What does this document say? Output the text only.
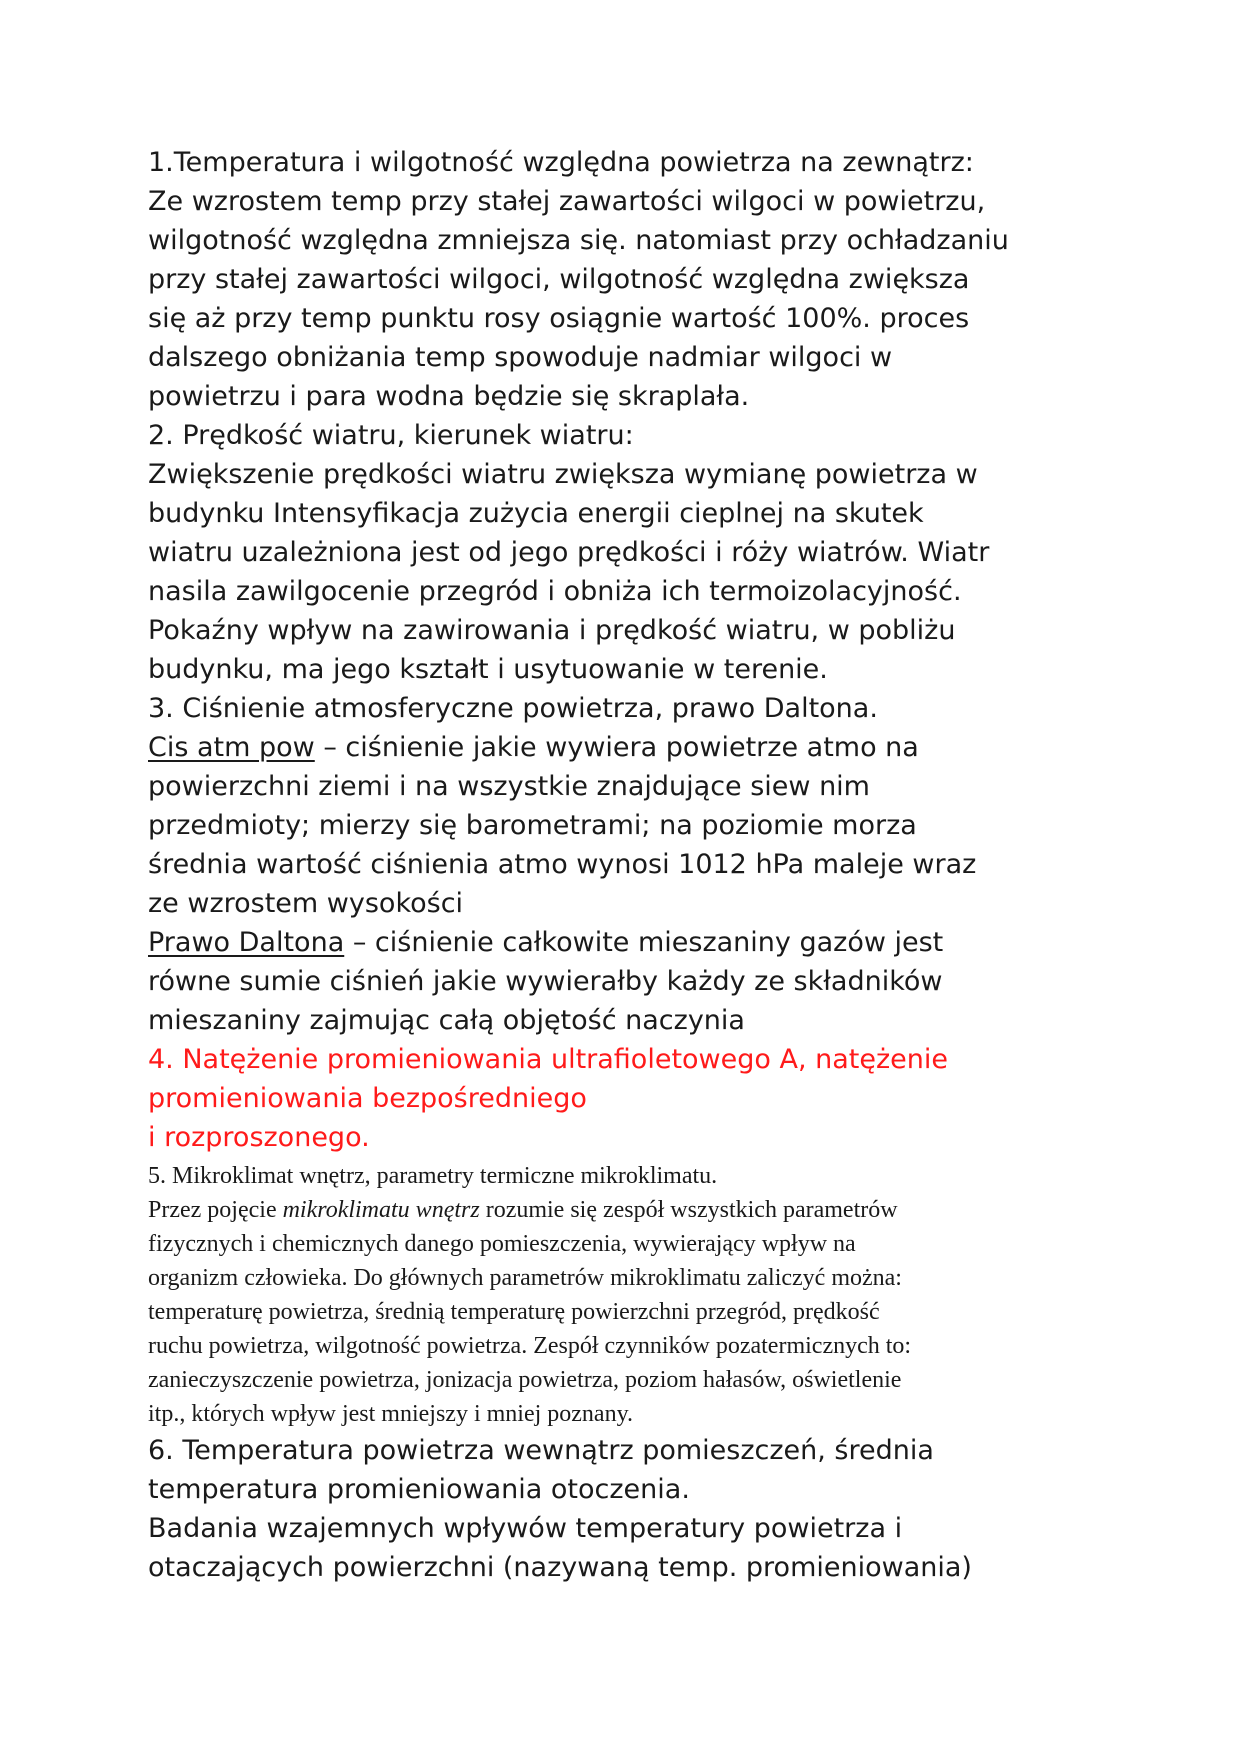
1.Temperatura i wilgotność względna powietrza na zewnątrz:

Ze wzrostem temp przy stałej zawartości wilgoci w powietrzu,

wilgotność względna zmniejsza się. natomiast przy ochładzaniu

przy stałej zawartości wilgoci, wilgotność względna zwiększa

się aż przy temp punktu rosy osiągnie wartość 100%. proces

dalszego obniżania temp spowoduje nadmiar wilgoci w

powietrzu i para wodna będzie się skraplała.

2. Prędkość wiatru, kierunek wiatru:

Zwiększenie prędkości wiatru zwiększa wymianę powietrza w

budynku Intensyfikacja zużycia energii cieplnej na skutek

wiatru uzależniona jest od jego prędkości i róży wiatrów. Wiatr

nasila zawilgocenie przegród i obniża ich termoizolacyjność.

Pokaźny wpływ na zawirowania i prędkość wiatru, w pobliżu

budynku, ma jego kształt i usytuowanie w terenie.

3. Ciśnienie atmosferyczne powietrza, prawo Daltona.

Cis atm pow – ciśnienie jakie wywiera powietrze atmo na

powierzchni ziemi i na wszystkie znajdujące siew nim

przedmioty; mierzy się barometrami; na poziomie morza

średnia wartość ciśnienia atmo wynosi 1012 hPa maleje wraz

ze wzrostem wysokości

Prawo Daltona – ciśnienie całkowite mieszaniny gazów jest

równe sumie ciśnień jakie wywierałby każdy ze składników

mieszaniny zajmując całą objętość naczynia

4. Natężenie promieniowania ultrafioletowego A, natężenie

promieniowania bezpośredniego

i rozproszonego.

5. Mikroklimat wnętrz, parametry termiczne mikroklimatu.

Przez pojęcie mikroklimatu wnętrz rozumie się zespół wszystkich parametrów

fizycznych i chemicznych danego pomieszczenia, wywierający wpływ na

organizm człowieka. Do głównych parametrów mikroklimatu zaliczyć można:

temperaturę powietrza, średnią temperaturę powierzchni przegród, prędkość

ruchu powietrza, wilgotność powietrza. Zespół czynników pozatermicznych to:

zanieczyszczenie powietrza, jonizacja powietrza, poziom hałasów, oświetlenie

itp., których wpływ jest mniejszy i mniej poznany.

6. Temperatura powietrza wewnątrz pomieszczeń, średnia

temperatura promieniowania otoczenia.

Badania wzajemnych wpływów temperatury powietrza i

otaczających powierzchni (nazywaną temp. promieniowania)
